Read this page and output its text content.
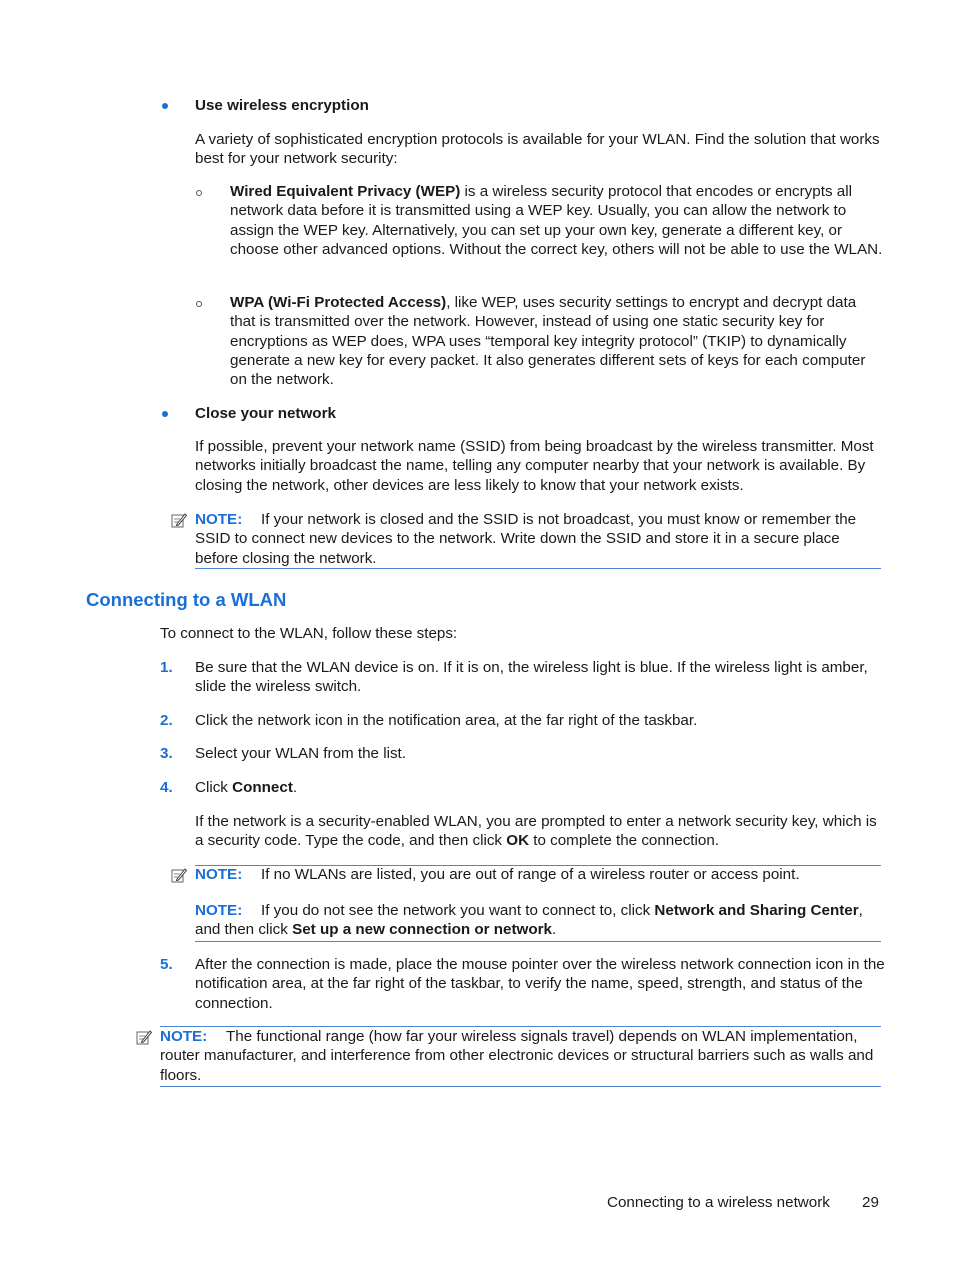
Use wireless encryption
A variety of sophisticated encryption protocols is available for your WLAN. Find the solution that works best for your network security:
Wired Equivalent Privacy (WEP) is a wireless security protocol that encodes or encrypts all network data before it is transmitted using a WEP key. Usually, you can allow the network to assign the WEP key. Alternatively, you can set up your own key, generate a different key, or choose other advanced options. Without the correct key, others will not be able to use the WLAN.
WPA (Wi-Fi Protected Access), like WEP, uses security settings to encrypt and decrypt data that is transmitted over the network. However, instead of using one static security key for encryptions as WEP does, WPA uses “temporal key integrity protocol” (TKIP) to dynamically generate a new key for every packet. It also generates different sets of keys for each computer on the network.
Close your network
If possible, prevent your network name (SSID) from being broadcast by the wireless transmitter. Most networks initially broadcast the name, telling any computer nearby that your network is available. By closing the network, other devices are less likely to know that your network exists.
NOTE: If your network is closed and the SSID is not broadcast, you must know or remember the SSID to connect new devices to the network. Write down the SSID and store it in a secure place before closing the network.
Connecting to a WLAN
To connect to the WLAN, follow these steps:
1. Be sure that the WLAN device is on. If it is on, the wireless light is blue. If the wireless light is amber, slide the wireless switch.
2. Click the network icon in the notification area, at the far right of the taskbar.
3. Select your WLAN from the list.
4. Click Connect.
If the network is a security-enabled WLAN, you are prompted to enter a network security key, which is a security code. Type the code, and then click OK to complete the connection.
NOTE: If no WLANs are listed, you are out of range of a wireless router or access point.
NOTE: If you do not see the network you want to connect to, click Network and Sharing Center, and then click Set up a new connection or network.
5. After the connection is made, place the mouse pointer over the wireless network connection icon in the notification area, at the far right of the taskbar, to verify the name, speed, strength, and status of the connection.
NOTE: The functional range (how far your wireless signals travel) depends on WLAN implementation, router manufacturer, and interference from other electronic devices or structural barriers such as walls and floors.
Connecting to a wireless network 29
